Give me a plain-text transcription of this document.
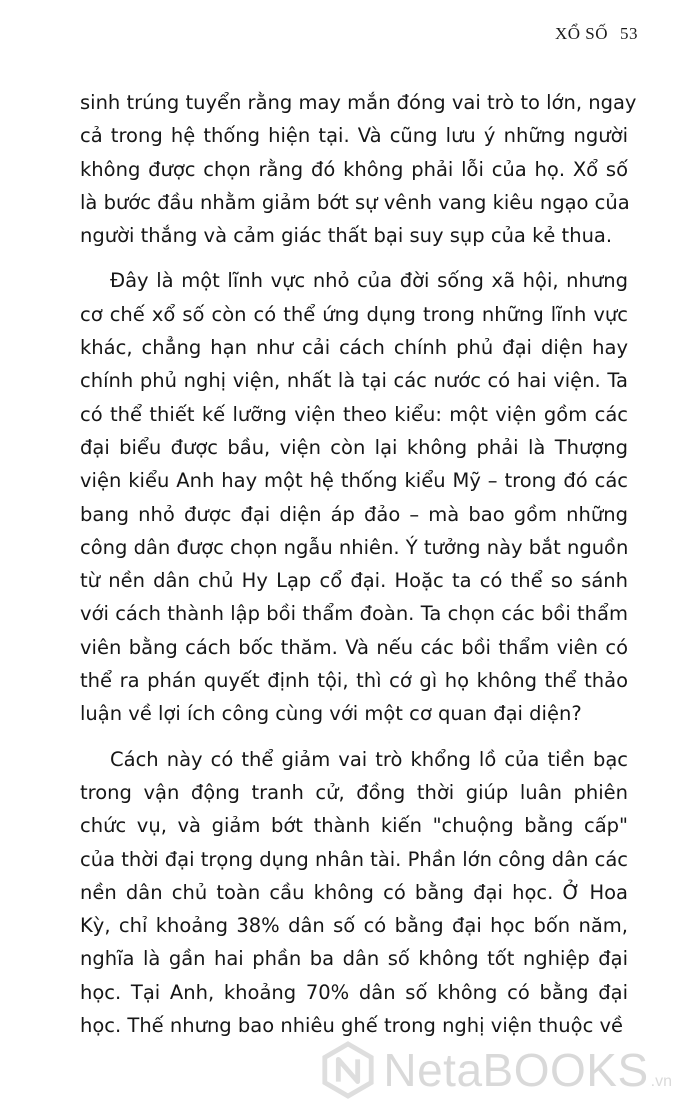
XỔ SỐ 53

sinh trúng tuyển rằng may mắn đóng vai trò to lớn, ngay
cả trong hệ thống hiện tại. Và cũng lưu ý những người
không được chọn rằng đó không phải lỗi của họ. Xổ số
là bước đầu nhằm giảm bớt sự vênh vang kiêu ngạo của
người thắng và cảm giác thất bại suy sụp của kẻ thua.

Đây là một lĩnh vực nhỏ của đời sống xã hội, nhưng
cơ chế xổ số còn có thể ứng dụng trong những lĩnh vực
khác, chẳng hạn như cải cách chính phủ đại diện hay
chính phủ nghị viện, nhất là tại các nước có hai viện. Ta
có thể thiết kế lưỡng viện theo kiểu: một viện gồm các
đại biểu được bầu, viện còn lại không phải là Thượng
viện kiểu Anh hay một hệ thống kiểu Mỹ – trong đó các
bang nhỏ được đại diện áp đảo – mà bao gồm những
công dân được chọn ngẫu nhiên. Ý tưởng này bắt nguồn
từ nền dân chủ Hy Lạp cổ đại. Hoặc ta có thể so sánh
với cách thành lập bồi thẩm đoàn. Ta chọn các bồi thẩm
viên bằng cách bốc thăm. Và nếu các bồi thẩm viên có
thể ra phán quyết định tội, thì cớ gì họ không thể thảo
luận về lợi ích công cùng với một cơ quan đại diện?

Cách này có thể giảm vai trò khổng lồ của tiền bạc
trong vận động tranh cử, đồng thời giúp luân phiên
chức vụ, và giảm bớt thành kiến "chuộng bằng cấp"
của thời đại trọng dụng nhân tài. Phần lớn công dân các
nền dân chủ toàn cầu không có bằng đại học. Ở Hoa
Kỳ, chỉ khoảng 38% dân số có bằng đại học bốn năm,
nghĩa là gần hai phần ba dân số không tốt nghiệp đại
học. Tại Anh, khoảng 70% dân số không có bằng đại
học. Thế nhưng bao nhiêu ghế trong nghị viện thuộc về

NetaBOOKS .vn
